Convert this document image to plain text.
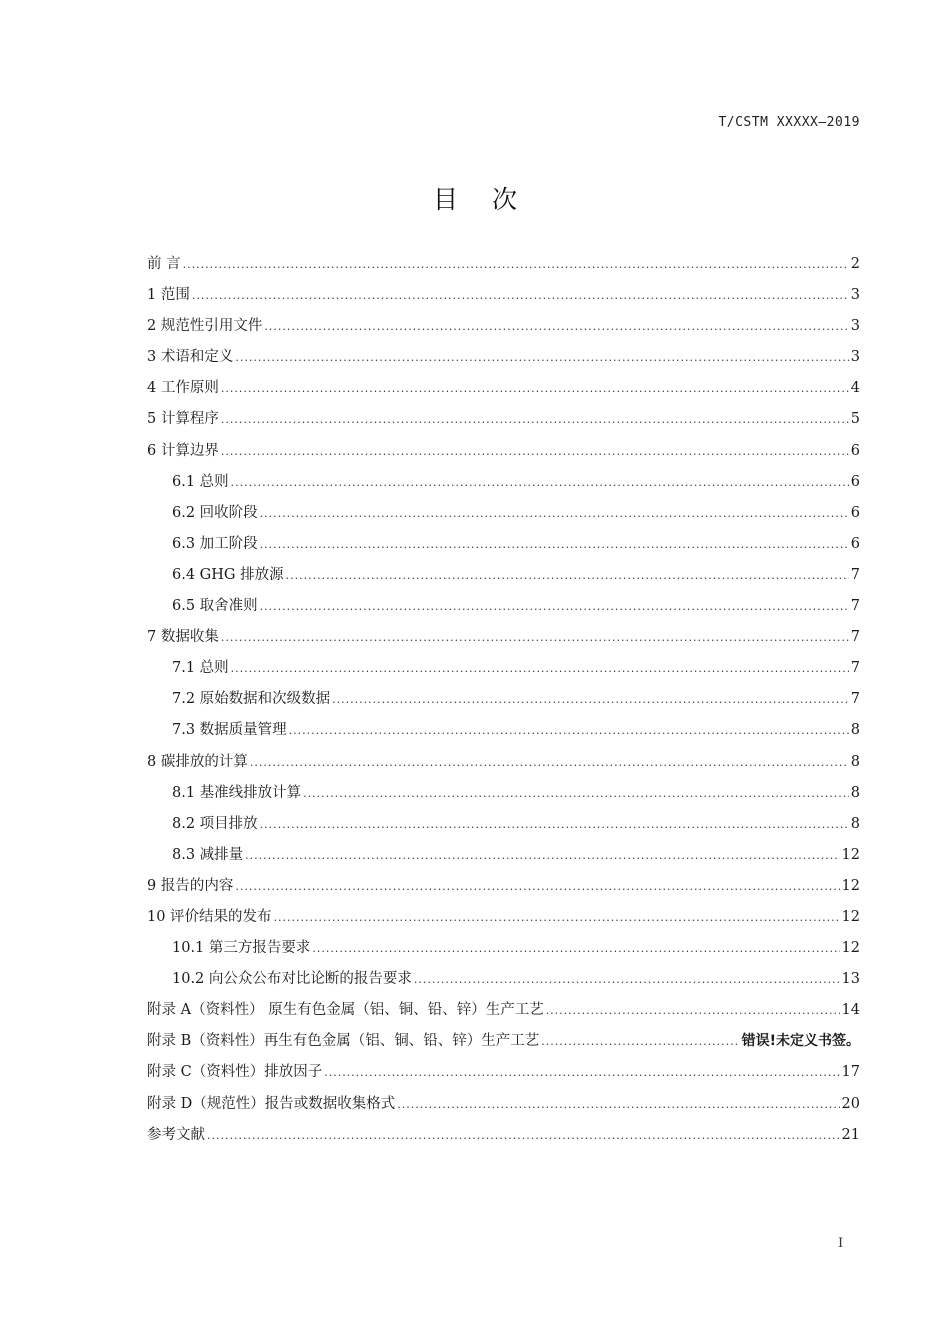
T/CSTM XXXXX—2019
目次
前 言 .....	2
1 范围 .....	3
2 规范性引用文件 .....	3
3 术语和定义 .....	3
4 工作原则 .....	4
5 计算程序 .....	5
6 计算边界 .....	6
6.1 总则 .....	6
6.2 回收阶段 .....	6
6.3 加工阶段 .....	6
6.4 GHG 排放源 .....	7
6.5 取舍准则 .....	7
7 数据收集 .....	7
7.1 总则 .....	7
7.2 原始数据和次级数据 .....	7
7.3 数据质量管理 .....	8
8 碳排放的计算 .....	8
8.1 基准线排放计算 .....	8
8.2 项目排放 .....	8
8.3 减排量 .....	12
9 报告的内容 .....	12
10 评价结果的发布 .....	12
10.1 第三方报告要求 .....	12
10.2 向公众公布对比论断的报告要求 .....	13
附录 A（资料性） 原生有色金属（铝、铜、铅、锌）生产工艺 .....	14
附录 B（资料性）再生有色金属（铝、铜、铅、锌）生产工艺 .....	错误!未定义书签。
附录 C（资料性）排放因子 .....	17
附录 D（规范性）报告或数据收集格式 .....	20
参考文献 .....	21
I
